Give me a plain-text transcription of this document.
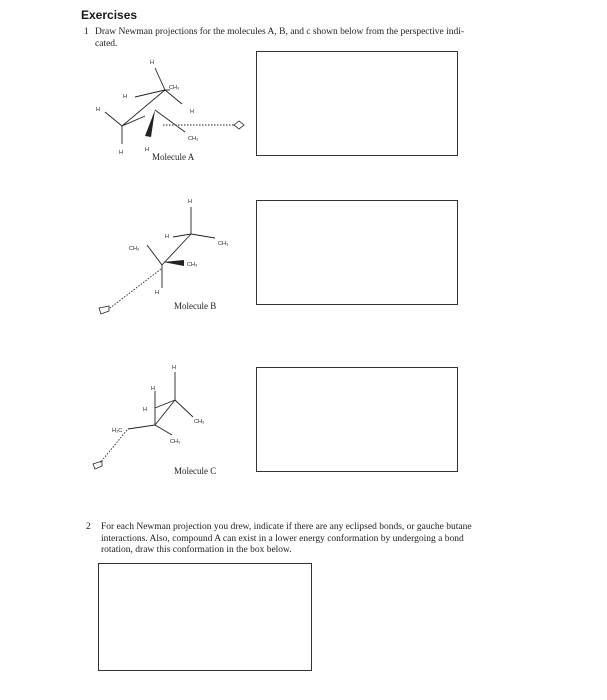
Exercises
1 Draw Newman projections for the molecules A, B, and c shown below from the perspective indi-
cated.
H
CH₃
H
H	H
CH₃
H	H
Molecule A
H
H
CH₃
CH₃
CH₃
H
Molecule B
H
H
H
H₃C
CH₃
CH₃
Molecule C
2 For each Newman projection you drew, indicate if there are any eclipsed bonds, or gauche butane
interactions. Also, compound A can exist in a lower energy conformation by undergoing a bond
rotation, draw this conformation in the box below.
